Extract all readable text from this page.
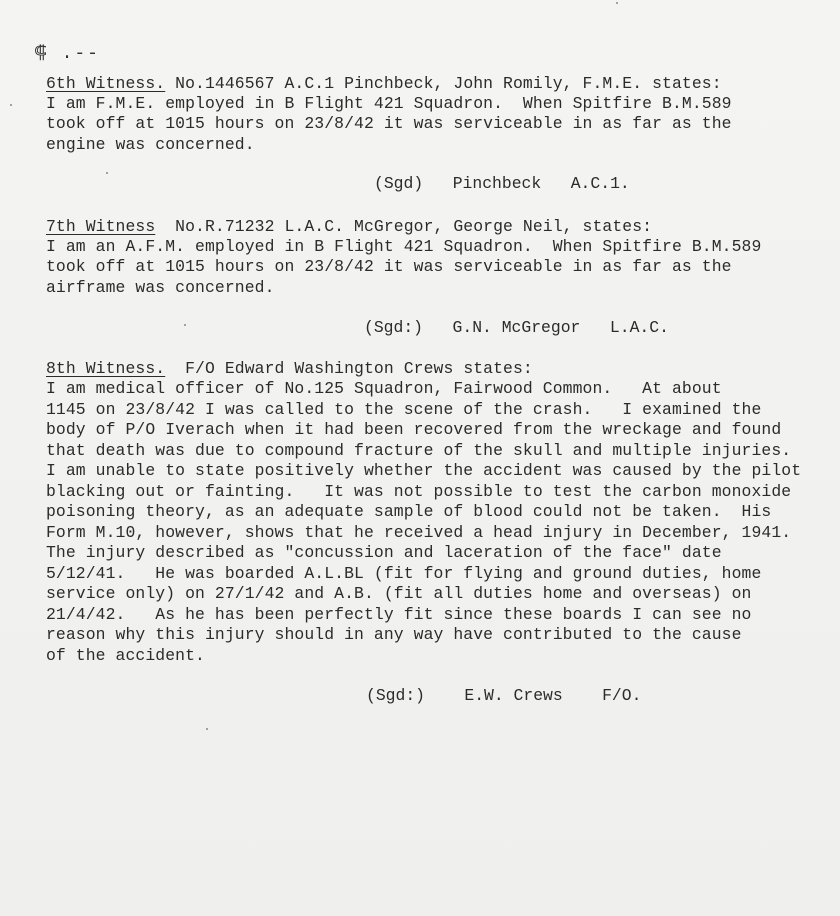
⸿ .‐‐
6th Witness. No.1446567 A.C.1 Pinchbeck, John Romily, F.M.E. states:
I am F.M.E. employed in B Flight 421 Squadron.  When Spitfire B.M.589
took off at 1015 hours on 23/8/42 it was serviceable in as far as the
engine was concerned.
(Sgd)   Pinchbeck   A.C.1.
7th Witness  No.R.71232 L.A.C. McGregor, George Neil, states:
I am an A.F.M. employed in B Flight 421 Squadron.  When Spitfire B.M.589
took off at 1015 hours on 23/8/42 it was serviceable in as far as the
airframe was concerned.
(Sgd:)   G.N. McGregor   L.A.C.
8th Witness.  F/O Edward Washington Crews states:
I am medical officer of No.125 Squadron, Fairwood Common.   At about
1145 on 23/8/42 I was called to the scene of the crash.   I examined the
body of P/O Iverach when it had been recovered from the wreckage and found
that death was due to compound fracture of the skull and multiple injuries.
I am unable to state positively whether the accident was caused by the pilot
blacking out or fainting.   It was not possible to test the carbon monoxide
poisoning theory, as an adequate sample of blood could not be taken.  His
Form M.10, however, shows that he received a head injury in December, 1941.
The injury described as "concussion and laceration of the face" date
5/12/41.   He was boarded A.L.BL (fit for flying and ground duties, home
service only) on 27/1/42 and A.B. (fit all duties home and overseas) on
21/4/42.   As he has been perfectly fit since these boards I can see no
reason why this injury should in any way have contributed to the cause
of the accident.
(Sgd:)    E.W. Crews    F/O.
